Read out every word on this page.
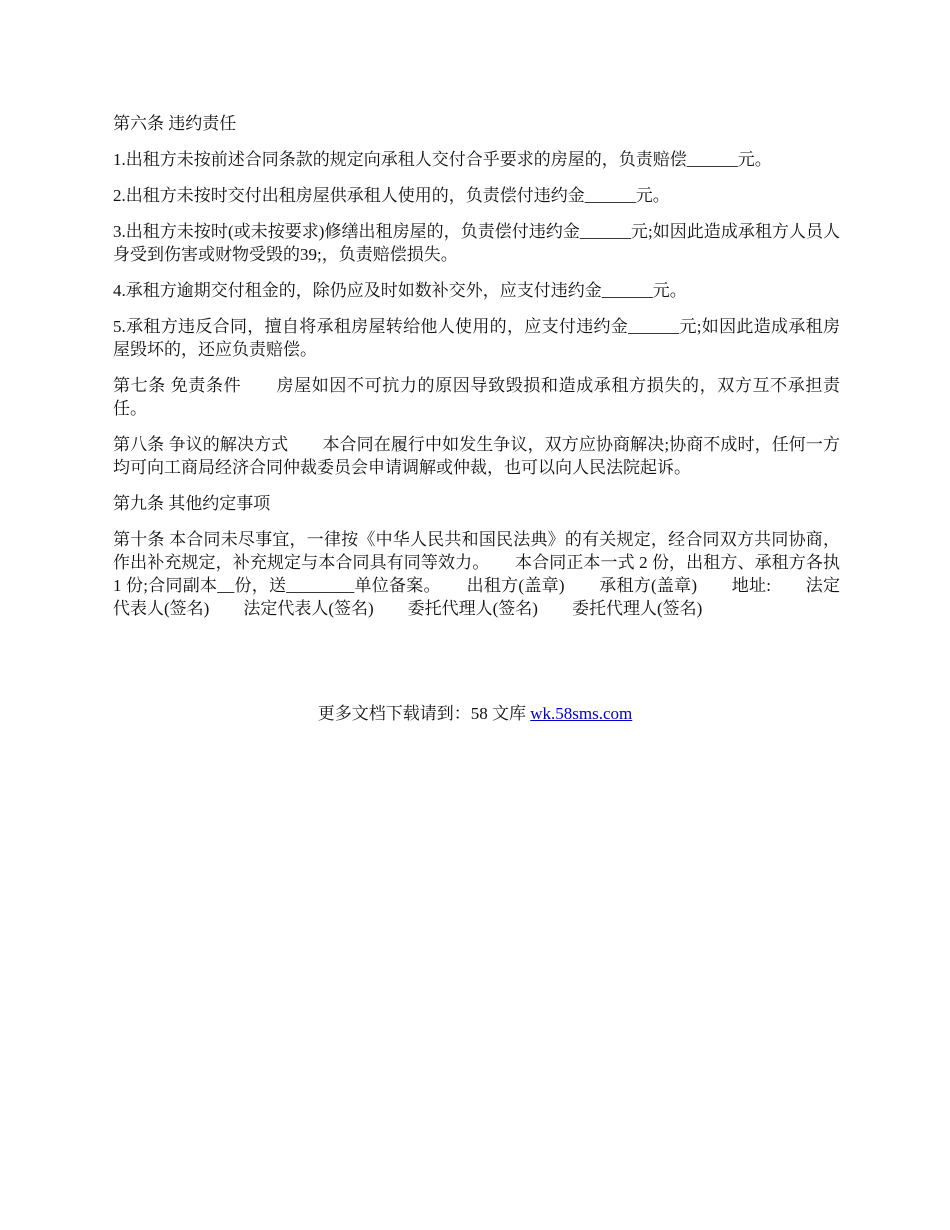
第六条 违约责任

1.出租方未按前述合同条款的规定向承租人交付合乎要求的房屋的，负责赔偿______元。

2.出租方未按时交付出租房屋供承租人使用的，负责偿付违约金______元。

3.出租方未按时(或未按要求)修缮出租房屋的，负责偿付违约金______元;如因此造成承租方人员人身受到伤害或财物受毁的39;，负责赔偿损失。

4.承租方逾期交付租金的，除仍应及时如数补交外，应支付违约金______元。

5.承租方违反合同，擅自将承租房屋转给他人使用的，应支付违约金______元;如因此造成承租房屋毁坏的，还应负责赔偿。

第七条 免责条件　　房屋如因不可抗力的原因导致毁损和造成承租方损失的，双方互不承担责任。

第八条 争议的解决方式　　本合同在履行中如发生争议，双方应协商解决;协商不成时，任何一方均可向工商局经济合同仲裁委员会申请调解或仲裁，也可以向人民法院起诉。

第九条 其他约定事项

第十条 本合同未尽事宜，一律按《中华人民共和国民法典》的有关规定，经合同双方共同协商，作出补充规定，补充规定与本合同具有同等效力。　　本合同正本一式 2 份，出租方、承租方各执 1 份;合同副本__份，送________单位备案。　　出租方(盖章)　　承租方(盖章)　　地址:　　法定代表人(签名)　　法定代表人(签名)　　委托代理人(签名)　　委托代理人(签名)

更多文档下载请到：58 文库 wk.58sms.com
